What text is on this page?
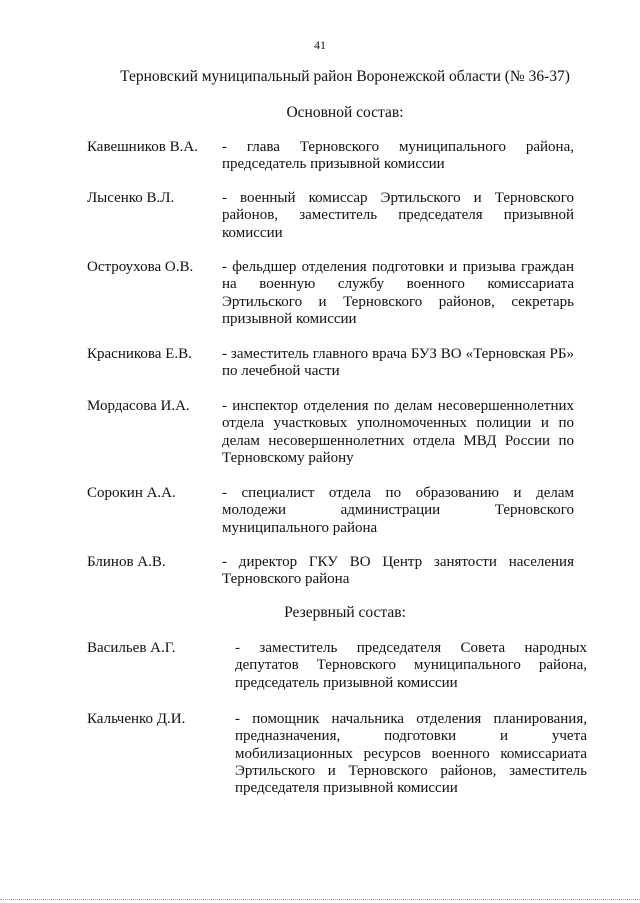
41
Терновский муниципальный район Воронежской области (№ 36-37)
Основной состав:
Кавешников В.А.	- глава Терновского муниципального района, председатель призывной комиссии
Лысенко В.Л.	- военный комиссар Эртильского и Терновского районов, заместитель председателя призывной комиссии
Остроухова О.В.	- фельдшер отделения подготовки и призыва граждан на военную службу военного комиссариата Эртильского и Терновского районов, секретарь призывной комиссии
Красникова Е.В.	- заместитель главного врача БУЗ ВО «Терновская РБ» по лечебной части
Мордасова И.А.	- инспектор отделения по делам несовершеннолетних отдела участковых уполномоченных полиции и по делам несовершеннолетних отдела МВД России по Терновскому району
Сорокин А.А.	- специалист отдела по образованию и делам молодежи администрации Терновского муниципального района
Блинов А.В.	- директор ГКУ ВО Центр занятости населения Терновского района
Резервный состав:
Васильев А.Г.	- заместитель председателя Совета народных депутатов Терновского муниципального района, председатель призывной комиссии
Кальченко Д.И.	- помощник начальника отделения планирования, предназначения, подготовки и учета мобилизационных ресурсов военного комиссариата Эртильского и Терновского районов, заместитель председателя призывной комиссии
